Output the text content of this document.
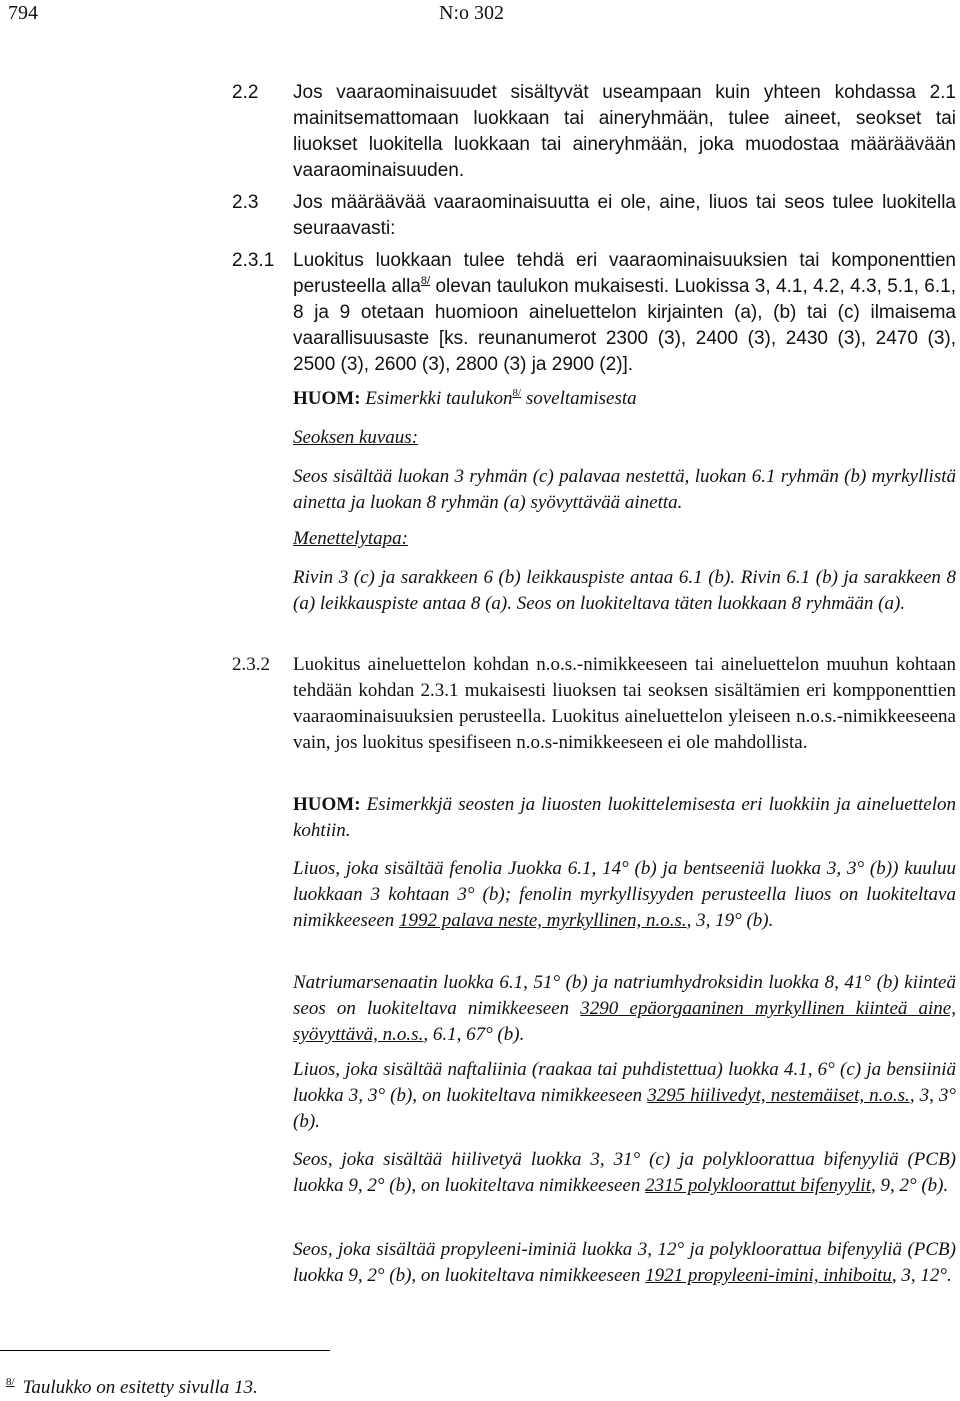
794	N:o 302
2.2 Jos vaaraominaisuudet sisältyvät useampaan kuin yhteen kohdassa 2.1 mainitsemattomaan luokkaan tai aineryhmään, tulee aineet, seokset tai liuokset luokitella luokkaan tai aineryhmään, joka muodostaa määräävään vaaraominaisuuden.
2.3 Jos määräävää vaaraominaisuutta ei ole, aine, liuos tai seos tulee luokitella seuraavasti:
2.3.1 Luokitus luokkaan tulee tehdä eri vaaraominaisuuksien tai komponenttien perusteella alla$^{8/}$ olevan taulukon mukaisesti. Luokissa 3, 4.1, 4.2, 4.3, 5.1, 6.1, 8 ja 9 otetaan huomioon aineluettelon kirjainten (a), (b) tai (c) ilmaisema vaarallisuusaste [ks. reunanumerot 2300 (3), 2400 (3), 2430 (3), 2470 (3), 2500 (3), 2600 (3), 2800 (3) ja 2900 (2)].
HUOM: Esimerkki taulukon$^{8/}$ soveltamisesta
Seoksen kuvaus:
Seos sisältää luokan 3 ryhmän (c) palavaa nestettä, luokan 6.1 ryhmän (b) myrkyllistä ainetta ja luokan 8 ryhmän (a) syövyttävää ainetta.
Menettelytapa:
Rivin 3 (c) ja sarakkeen 6 (b) leikkauspiste antaa 6.1 (b). Rivin 6.1 (b) ja sarakkeen 8 (a) leikkauspiste antaa 8 (a). Seos on luokiteltava täten luokkaan 8 ryhmään (a).
2.3.2 Luokitus aineluettelon kohdan n.o.s.-nimikkeeseen tai aineluettelon muuhun kohtaan tehdään kohdan 2.3.1 mukaisesti liuoksen tai seoksen sisältämien eri kompponenttien vaaraominaisuuksien perusteella. Luokitus aineluettelon yleiseen n.o.s.-nimikkeeseena vain, jos luokitus spesifiseen n.o.s-nimikkeeseen ei ole mahdollista.
HUOM: Esimerkkjä seosten ja liuosten luokittelemisesta eri luokkiin ja aineluettelon kohtiin.
Liuos, joka sisältää fenolia Juokka 6.1, 14° (b) ja bentseeniä luokka 3, 3° (b)) kuuluu luokkaan 3 kohtaan 3° (b); fenolin myrkyllisyyden perusteella liuos on luokiteltava nimikkeeseen 1992 palava neste, myrkyllinen, n.o.s., 3, 19° (b).
Natriumarsenaatin luokka 6.1, 51° (b) ja natriumhydroksidin luokka 8, 41° (b) kiinteä seos on luokiteltava nimikkeeseen 3290 epäorgaaninen myrkyllinen kiinteä aine, syövyttävä, n.o.s., 6.1, 67° (b).
Liuos, joka sisältää naftaliinia (raakaa tai puhdistettua) luokka 4.1, 6° (c) ja bensiiniä luokka 3, 3° (b), on luokiteltava nimikkeeseen 3295 hiilivedyt, nestemäiset, n.o.s., 3, 3° (b).
Seos, joka sisältää hiilivetyä luokka 3, 31° (c) ja polykloorattua bifenyyliä (PCB) luokka 9, 2° (b), on luokiteltava nimikkeeseen 2315 polykloorattut bifenyylit, 9, 2° (b).
Seos, joka sisältää propyleeni-iminiä luokka 3, 12° ja polykloorattua bifenyyliä (PCB) luokka 9, 2° (b), on luokiteltava nimikkeeseen 1921 propyleeni-imini, inhiboitu, 3, 12°.
$^{8/}$ Taulukko on esitetty sivulla 13.
